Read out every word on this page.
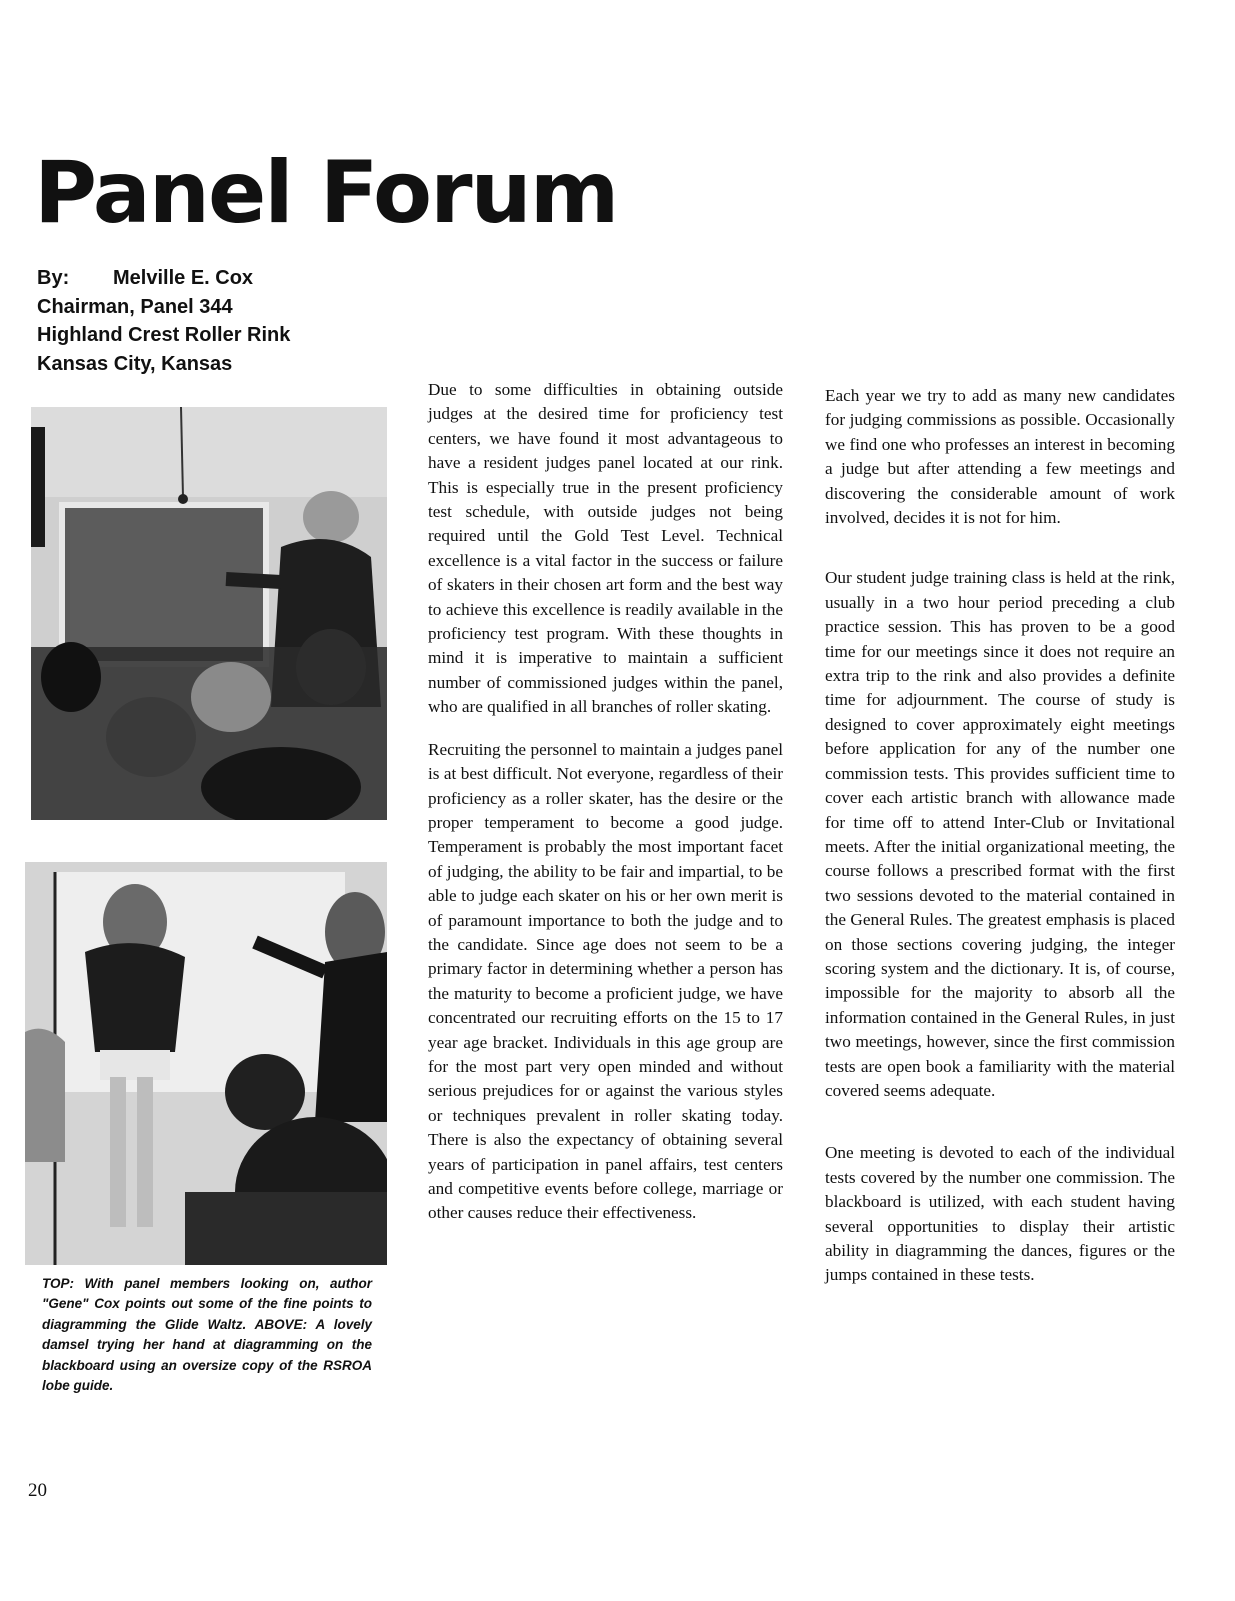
Panel Forum
By: Melville E. Cox
Chairman, Panel 344
Highland Crest Roller Rink
Kansas City, Kansas

TOP: With panel members looking on, author "Gene" Cox points out some of the fine points to diagramming the Glide Waltz. ABOVE: A lovely damsel trying her hand at diagramming on the blackboard using an oversize copy of the RSROA lobe guide.

Due to some difficulties in obtaining outside judges at the desired time for proficiency test centers, we have found it most advantageous to have a resident judges panel located at our rink. This is especially true in the present proficiency test schedule, with outside judges not being required until the Gold Test Level. Technical excellence is a vital factor in the success or failure of skaters in their chosen art form and the best way to achieve this excellence is readily available in the proficiency test program. With these thoughts in mind it is imperative to maintain a sufficient number of commissioned judges within the panel, who are qualified in all branches of roller skating.

Recruiting the personnel to maintain a judges panel is at best difficult. Not everyone, regardless of their proficiency as a roller skater, has the desire or the proper temperament to become a good judge. Temperament is probably the most important facet of judging, the ability to be fair and impartial, to be able to judge each skater on his or her own merit is of paramount importance to both the judge and to the candidate. Since age does not seem to be a primary factor in determining whether a person has the maturity to become a proficient judge, we have concentrated our recruiting efforts on the 15 to 17 year age bracket. Individuals in this age group are for the most part very open minded and without serious prejudices for or against the various styles or techniques prevalent in roller skating today. There is also the expectancy of obtaining several years of participation in panel affairs, test centers and competitive events before college, marriage or other causes reduce their effectiveness.

Each year we try to add as many new candidates for judging commissions as possible. Occasionally we find one who professes an interest in becoming a judge but after attending a few meetings and discovering the considerable amount of work involved, decides it is not for him.

Our student judge training class is held at the rink, usually in a two hour period preceding a club practice session. This has proven to be a good time for our meetings since it does not require an extra trip to the rink and also provides a definite time for adjournment. The course of study is designed to cover approximately eight meetings before application for any of the number one commission tests. This provides sufficient time to cover each artistic branch with allowance made for time off to attend Inter-Club or Invitational meets. After the initial organizational meeting, the course follows a prescribed format with the first two sessions devoted to the material contained in the General Rules. The greatest emphasis is placed on those sections covering judging, the integer scoring system and the dictionary. It is, of course, impossible for the majority to absorb all the information contained in the General Rules, in just two meetings, however, since the first commission tests are open book a familiarity with the material covered seems adequate.

One meeting is devoted to each of the individual tests covered by the number one commission. The blackboard is utilized, with each student having several opportunities to display their artistic ability in diagramming the dances, figures or the jumps contained in these tests.

20
